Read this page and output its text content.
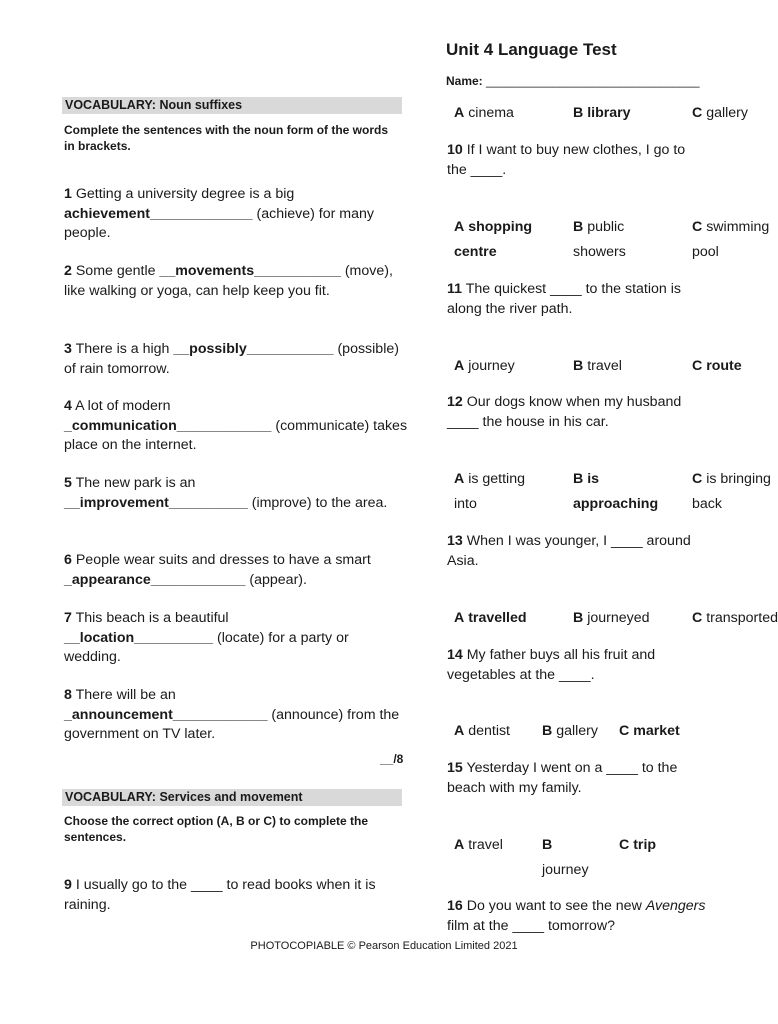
Unit 4 Language Test
Name: ________________________________
VOCABULARY: Noun suffixes
Complete the sentences with the noun form of the words in brackets.
1 Getting a university degree is a big achievement_____________ (achieve) for many people.
2 Some gentle __movements___________ (move), like walking or yoga, can help keep you fit.
3 There is a high __possibly___________ (possible) of rain tomorrow.
4 A lot of modern
_communication____________ (communicate) takes place on the internet.
5 The new park is an
__improvement__________ (improve) to the area.
6 People wear suits and dresses to have a smart _appearance____________ (appear).
7 This beach is a beautiful
__location__________ (locate) for a party or wedding.
8 There will be an
_announcement____________ (announce) from the government on TV later.
__/8
VOCABULARY: Services and movement
Choose the correct option (A, B or C) to complete the sentences.
9 I usually go to the ____ to read books when it is raining.
A cinema	B library	C gallery
10 If I want to buy new clothes, I go to the ____.
A shopping
centre
B public
showers
C swimming
pool
11 The quickest ____ to the station is along the river path.
A journey	B travel	C route
12 Our dogs know when my husband ____ the house in his car.
A is getting
into
B is
approaching
C is bringing
back
13 When I was younger, I ____ around Asia.
A travelled	B journeyed	C transported
14 My father buys all his fruit and vegetables at the ____.
A dentist B gallery C market
15 Yesterday I went on a ____ to the beach with my family.
A travel	B
journey
C trip
16 Do you want to see the new Avengers film at the ____ tomorrow?
PHOTOCOPIABLE © Pearson Education Limited 2021
